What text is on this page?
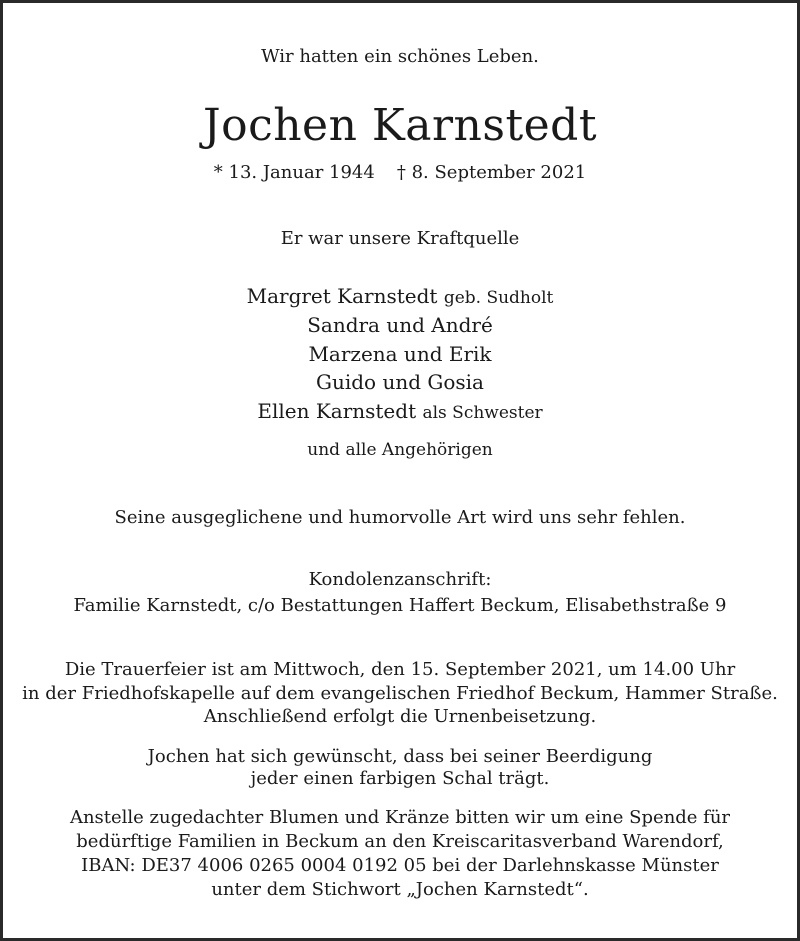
Wir hatten ein schönes Leben.
Jochen Karnstedt
* 13. Januar 1944 † 8. September 2021
Er war unsere Kraftquelle
Margret Karnstedt geb. Sudholt
Sandra und André
Marzena und Erik
Guido und Gosia
Ellen Karnstedt als Schwester
und alle Angehörigen
Seine ausgeglichene und humorvolle Art wird uns sehr fehlen.
Kondolenzanschrift:
Familie Karnstedt, c/o Bestattungen Haffert Beckum, Elisabethstraße 9
Die Trauerfeier ist am Mittwoch, den 15. September 2021, um 14.00 Uhr
in der Friedhofskapelle auf dem evangelischen Friedhof Beckum, Hammer Straße.
Anschließend erfolgt die Urnenbeisetzung.
Jochen hat sich gewünscht, dass bei seiner Beerdigung
jeder einen farbigen Schal trägt.
Anstelle zugedachter Blumen und Kränze bitten wir um eine Spende für
bedürftige Familien in Beckum an den Kreiscaritasverband Warendorf,
IBAN: DE37 4006 0265 0004 0192 05 bei der Darlehnskasse Münster
unter dem Stichwort „Jochen Karnstedt“.
